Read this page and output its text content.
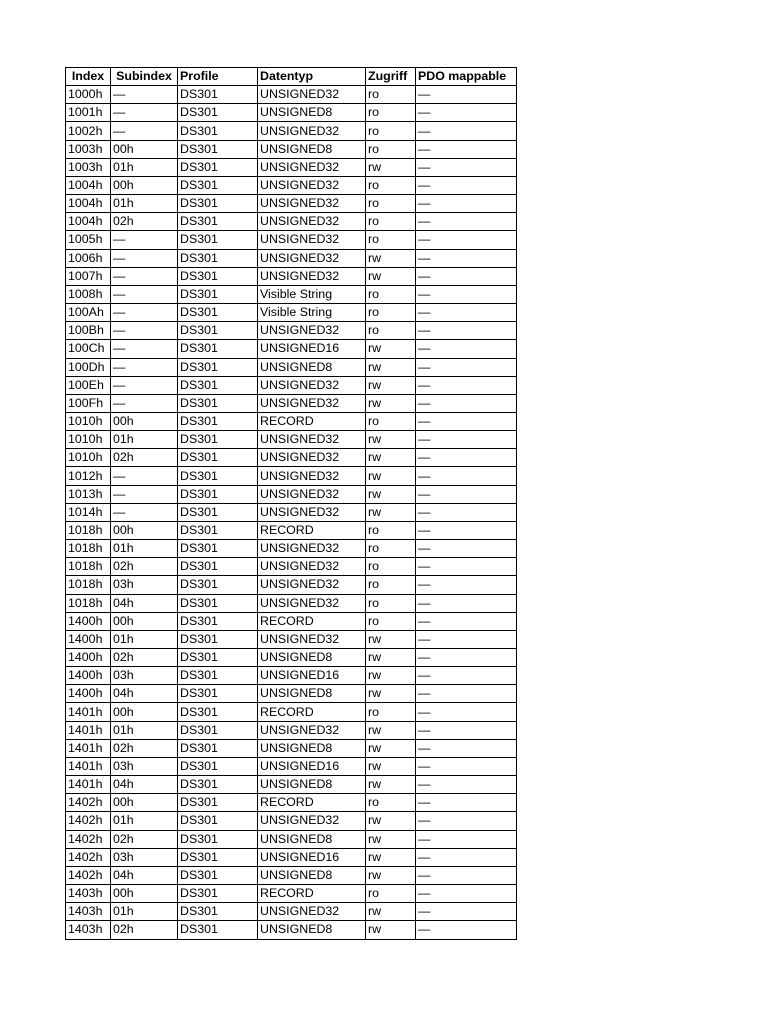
Index	Subindex	Profile	Datentyp	Zugriff	PDO mappable
1000h	—	DS301	UNSIGNED32	ro	—
1001h	—	DS301	UNSIGNED8	ro	—
1002h	—	DS301	UNSIGNED32	ro	—
1003h	00h	DS301	UNSIGNED8	ro	—
1003h	01h	DS301	UNSIGNED32	rw	—
1004h	00h	DS301	UNSIGNED32	ro	—
1004h	01h	DS301	UNSIGNED32	ro	—
1004h	02h	DS301	UNSIGNED32	ro	—
1005h	—	DS301	UNSIGNED32	ro	—
1006h	—	DS301	UNSIGNED32	rw	—
1007h	—	DS301	UNSIGNED32	rw	—
1008h	—	DS301	Visible String	ro	—
100Ah	—	DS301	Visible String	ro	—
100Bh	—	DS301	UNSIGNED32	ro	—
100Ch	—	DS301	UNSIGNED16	rw	—
100Dh	—	DS301	UNSIGNED8	rw	—
100Eh	—	DS301	UNSIGNED32	rw	—
100Fh	—	DS301	UNSIGNED32	rw	—
1010h	00h	DS301	RECORD	ro	—
1010h	01h	DS301	UNSIGNED32	rw	—
1010h	02h	DS301	UNSIGNED32	rw	—
1012h	—	DS301	UNSIGNED32	rw	—
1013h	—	DS301	UNSIGNED32	rw	—
1014h	—	DS301	UNSIGNED32	rw	—
1018h	00h	DS301	RECORD	ro	—
1018h	01h	DS301	UNSIGNED32	ro	—
1018h	02h	DS301	UNSIGNED32	ro	—
1018h	03h	DS301	UNSIGNED32	ro	—
1018h	04h	DS301	UNSIGNED32	ro	—
1400h	00h	DS301	RECORD	ro	—
1400h	01h	DS301	UNSIGNED32	rw	—
1400h	02h	DS301	UNSIGNED8	rw	—
1400h	03h	DS301	UNSIGNED16	rw	—
1400h	04h	DS301	UNSIGNED8	rw	—
1401h	00h	DS301	RECORD	ro	—
1401h	01h	DS301	UNSIGNED32	rw	—
1401h	02h	DS301	UNSIGNED8	rw	—
1401h	03h	DS301	UNSIGNED16	rw	—
1401h	04h	DS301	UNSIGNED8	rw	—
1402h	00h	DS301	RECORD	ro	—
1402h	01h	DS301	UNSIGNED32	rw	—
1402h	02h	DS301	UNSIGNED8	rw	—
1402h	03h	DS301	UNSIGNED16	rw	—
1402h	04h	DS301	UNSIGNED8	rw	—
1403h	00h	DS301	RECORD	ro	—
1403h	01h	DS301	UNSIGNED32	rw	—
1403h	02h	DS301	UNSIGNED8	rw	—
